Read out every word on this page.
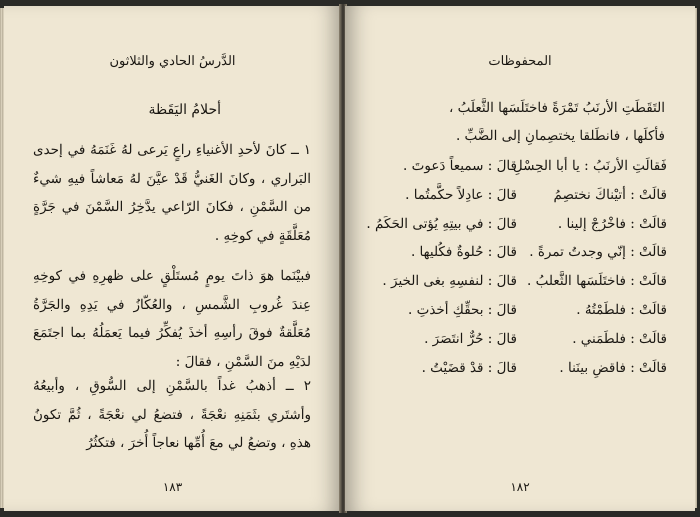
الدَّرسُ الحادي والثلاثون
أحلامُ اليَقَظة
١ ــ كانَ لأحدِ الأغنياءِ راعٍ يَرعى لهُ غَنَمَهُ في إحدى البَراري ، وكانَ الغَنيُّ قَدْ عيَّنَ لهُ مَعاشاً فيهِ شيءٌ من السَّمْنِ ، فكانَ الرّاعي يدَّخِرُ السَّمْنَ في جَرَّةٍ مُعَلَّقَةٍ في كوخِهِ .
فبيْنَما هوَ ذاتَ يومٍ مُستَلْقٍ على ظهرِهِ في كوخِهِ عِندَ غُروبِ الشَّمسِ ، والعُكّازُ في يَدِهِ والجَرَّةُ مُعَلَّقةٌ فوقَ رأسِهِ أخذَ يُفكِّرُ فيما يَعمَلُهُ بما اجتَمَعَ لدَيْهِ منَ السَّمْنِ ، فقالَ :
٢ ــ أذهبُ غداً بالسَّمْنِ إلى السُّوقِ ، وأبيعُهُ وأشتَري بثَمَنِهِ نعْجَةً ، فتضعُ لي نعْجَةً ، ثُمَّ تكونُ هذهِ ، وتضعُ لي معَ أُمِّها نعاجاً أُخرَ ، فتكثُرُ
١٨٣
المحفوظات
التَقَطَتِ الأرنَبُ تَمْرَةً فاختَلَسَها الثَّعلَبُ ،
فأكلَها ، فانطَلقا يختصِمانِ إلى الضَّبِّ .
فَقالَتِ الأرنَبُ : يا أبا الحِسْلِ
قالَ : سميعاً دَعوتَ .
قالَتْ : أتيْناكَ نختصِمُ
قالَ : عادِلاً حكَّمتُما .
قالَتْ : فاخْرُجْ إلينا .
قالَ : في بيتِهِ يُؤتى الحَكَمُ .
قالَتْ : إنّي وجدتُ تمرةً .
قالَ : حُلوةٌ فكُليها .
قالَتْ : فاختَلَسَها الثَّعلبُ .
قالَ : لنفسِهِ بغى الخيرَ .
قالَتْ : فلطَمْتُهُ .
قالَ : بحقِّكِ أخذتِ .
قالَتْ : فلطَمَني .
قالَ : حُرٌّ انتَصَرَ .
قالَتْ : فاقضِ بينَنا .
قالَ : قدْ قضَيْتُ .
١٨٢
